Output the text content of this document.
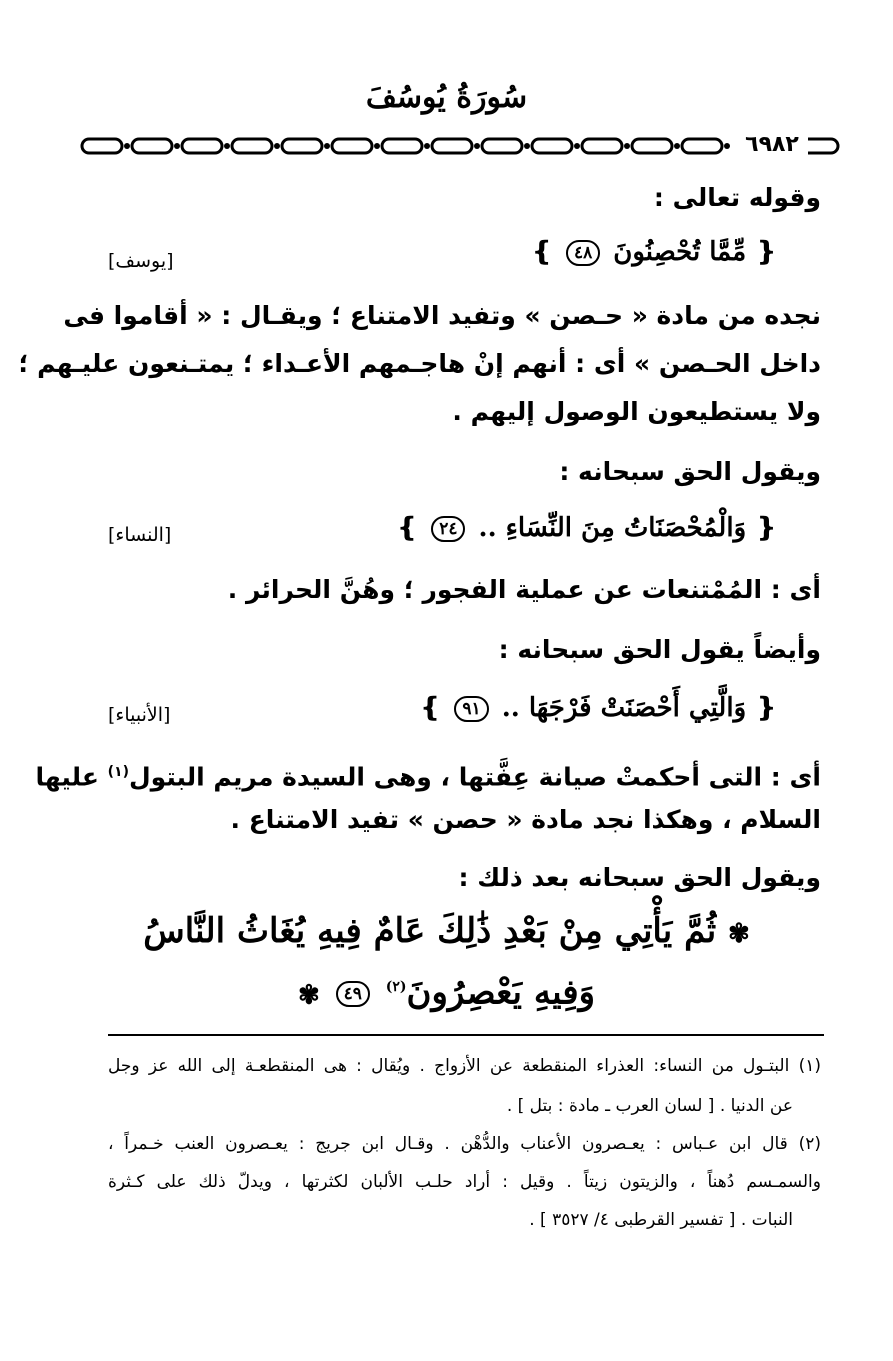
سُورَةُ يُوسُفَ
٦٩٨٢
وقوله تعالى :
❴ مِّمَّا تُحْصِنُونَ ٤٨ ❵
[يوسف]
نجده من مادة « حـصن » وتفيد الامتناع ؛ ويقـال : « أقاموا فى
داخل الحـصن » أى : أنهم إنْ هاجـمهم الأعـداء ؛ يمتـنعون عليـهم ؛
ولا يستطيعون الوصول إليهم .
ويقول الحق سبحانه :
❴ وَالْمُحْصَنَاتُ مِنَ النِّسَاءِ .. ٢٤ ❵
[النساء]
أى : المُمْتنعات عن عملية الفجور ؛ وهُنَّ الحرائر .
وأيضاً يقول الحق سبحانه :
❴ وَالَّتِي أَحْصَنَتْ فَرْجَهَا .. ٩١ ❵
[الأنبياء]
أى : التى أحكمتْ صيانة عِفَّتها ، وهى السيدة مريم البتول$^{(١)}$ عليها
السلام ، وهكذا نجد مادة « حصن » تفيد الامتناع .
ويقول الحق سبحانه بعد ذلك :
✾ ثُمَّ يَأْتِي مِنْ بَعْدِ ذَٰلِكَ عَامٌ فِيهِ يُغَاثُ النَّاسُ
وَفِيهِ يَعْصِرُونَ$^{(٢)}$ ٤٩ ✾
(١) البتـول من النساء: العذراء المنقطعة عن الأزواج . ويُقال : هى المنقطعـة إلى الله عز وجل
عن الدنيا . [ لسان العرب ـ مادة : بتل ] .
(٢) قال ابن عـباس : يعـصرون الأعناب والدُّهْن . وقـال ابن جريج : يعـصرون العنب خـمراً ،
والسمـسم دُهناً ، والزيتون زيتاً . وقيل : أراد حلـب الألبان لكثرتها ، ويدلّ ذلك على كـثرة
النبات . [ تفسير القرطبى ٤/ ٣٥٢٧ ] .
